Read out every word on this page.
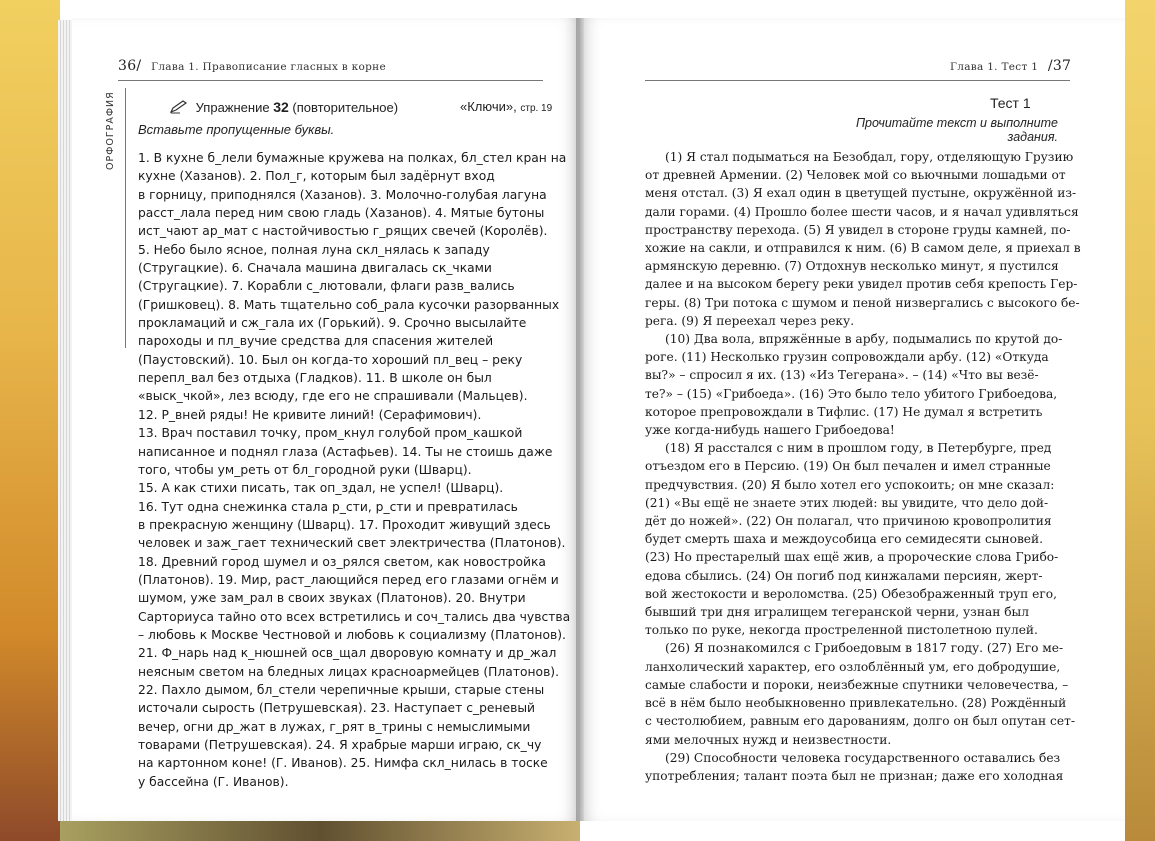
36/ Глава 1. Правописание гласных в корне
ОРФОГРАФИЯ	Упражнение 32 (повторительное)	«Ключи», стр. 19
Вставьте пропущенные буквы.
1. В кухне б_лели бумажные кружева на полках, бл_стел кран на
кухне (Хазанов). 2. Пол_г, которым был задёрнут вход
в горницу, приподнялся (Хазанов). 3. Молочно-голубая лагуна
расст_лала перед ним свою гладь (Хазанов). 4. Мятые бутоны
ист_чают ар_мат с настойчивостью г_рящих свечей (Королёв).
5. Небо было ясное, полная луна скл_нялась к западу
(Стругацкие). 6. Сначала машина двигалась ск_чками
(Стругацкие). 7. Корабли с_лютовали, флаги разв_вались
(Гришковец). 8. Мать тщательно соб_рала кусочки разорванных
прокламаций и сж_гала их (Горький). 9. Срочно высылайте
пароходы и пл_вучие средства для спасения жителей
(Паустовский). 10. Был он когда-то хороший пл_вец – реку
перепл_вал без отдыха (Гладков). 11. В школе он был
«выск_чкой», лез всюду, где его не спрашивали (Мальцев).
12. Р_вней ряды! Не кривите линий! (Серафимович).
13. Врач поставил точку, пром_кнул голубой пром_кашкой
написанное и поднял глаза (Астафьев). 14. Ты не стоишь даже
того, чтобы ум_реть от бл_городной руки (Шварц).
15. А как стихи писать, так оп_здал, не успел! (Шварц).
16. Тут одна снежинка стала р_сти, р_сти и превратилась
в прекрасную женщину (Шварц). 17. Проходит живущий здесь
человек и заж_гает технический свет электричества (Платонов).
18. Древний город шумел и оз_рялся светом, как новостройка
(Платонов). 19. Мир, раст_лающийся перед его глазами огнём и
шумом, уже зам_рал в своих звуках (Платонов). 20. Внутри
Сарториуса тайно ото всех встретились и соч_тались два чувства
– любовь к Москве Честновой и любовь к социализму (Платонов).
21. Ф_нарь над к_нюшней осв_щал дворовую комнату и др_жал
неясным светом на бледных лицах красноармейцев (Платонов).
22. Пахло дымом, бл_стели черепичные крыши, старые стены
источали сырость (Петрушевская). 23. Наступает с_реневый
вечер, огни др_жат в лужах, г_рят в_трины с немыслимыми
товарами (Петрушевская). 24. Я храбрые марши играю, ск_чу
на картонном коне! (Г. Иванов). 25. Нимфа скл_нилась в тоске
у бассейна (Г. Иванов).
Глава 1. Тест 1 /37
Тест 1
Прочитайте текст и выполните задания.
(1) Я стал подыматься на Безобдал, гору, отделяющую Грузию
от древней Армении. (2) Человек мой со вьючными лошадьми от
меня отстал. (3) Я ехал один в цветущей пустыне, окружённой из-
дали горами. (4) Прошло более шести часов, и я начал удивляться
пространству перехода. (5) Я увидел в стороне груды камней, по-
хожие на сакли, и отправился к ним. (6) В самом деле, я приехал в
армянскую деревню. (7) Отдохнув несколько минут, я пустился
далее и на высоком берегу реки увидел против себя крепость Гер-
геры. (8) Три потока с шумом и пеной низвергались с высокого бе-
рега. (9) Я переехал через реку.
(10) Два вола, впряжённые в арбу, подымались по крутой до-
роге. (11) Несколько грузин сопровождали арбу. (12) «Откуда
вы?» – спросил я их. (13) «Из Тегерана». – (14) «Что вы везё-
те?» – (15) «Грибоеда». (16) Это было тело убитого Грибоедова,
которое препровождали в Тифлис. (17) Не думал я встретить
уже когда-нибудь нашего Грибоедова!
(18) Я расстался с ним в прошлом году, в Петербурге, пред
отъездом его в Персию. (19) Он был печален и имел странные
предчувствия. (20) Я было хотел его успокоить; он мне сказал:
(21) «Вы ещё не знаете этих людей: вы увидите, что дело дой-
дёт до ножей». (22) Он полагал, что причиною кровопролития
будет смерть шаха и междоусобица его семидесяти сыновей.
(23) Но престарелый шах ещё жив, а пророческие слова Грибо-
едова сбылись. (24) Он погиб под кинжалами персиян, жерт-
вой жестокости и вероломства. (25) Обезображенный труп его,
бывший три дня игралищем тегеранской черни, узнан был
только по руке, некогда простреленной пистолетною пулей.
(26) Я познакомился с Грибоедовым в 1817 году. (27) Его ме-
ланхолический характер, его озлоблённый ум, его добродушие,
самые слабости и пороки, неизбежные спутники человечества, –
всё в нём было необыкновенно привлекательно. (28) Рождённый
с честолюбием, равным его дарованиям, долго он был опутан сет-
ями мелочных нужд и неизвестности.
(29) Способности человека государственного оставались без
употребления; талант поэта был не признан; даже его холодная
